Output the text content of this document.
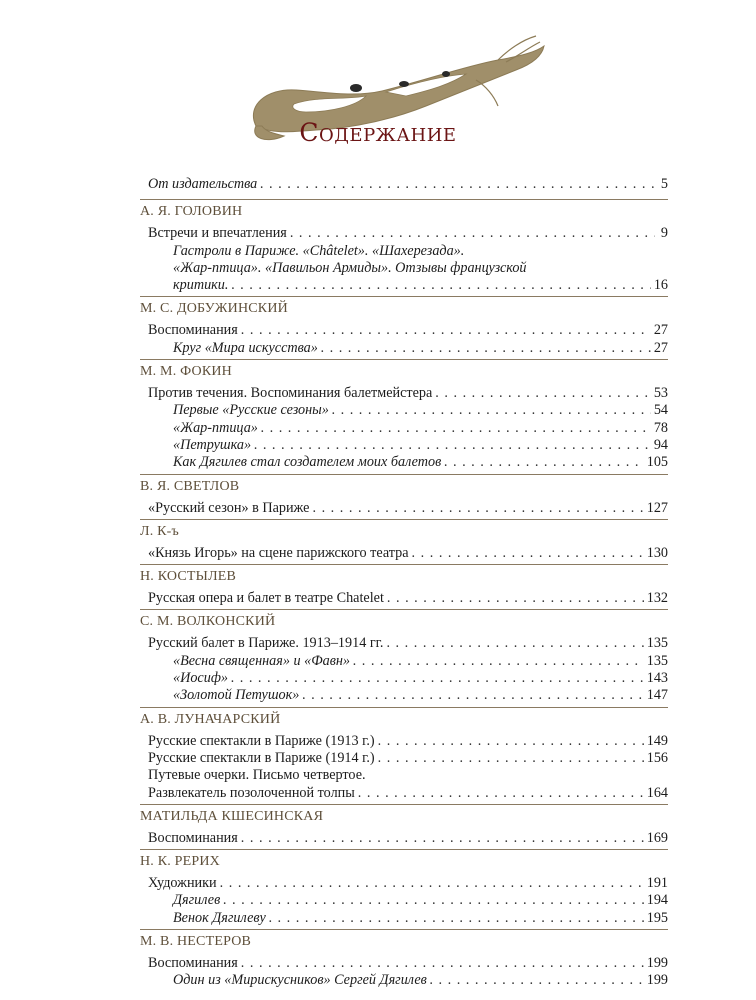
Содержание
От издательства . . .	5
А. Я. ГОЛОВИН
Встречи и впечатления . . .	9
Гастроли в Париже. «Châtelet». «Шахерезада».
«Жар-птица». «Павильон Армиды». Отзывы французской
критики. . . .	16
М. С. ДОБУЖИНСКИЙ
Воспоминания . . .	27
Круг «Мира искусства» . . .	27
М. М. ФОКИН
Против течения. Воспоминания балетмейстера . . .	53
Первые «Русские сезоны» . . .	54
«Жар-птица» . . .	78
«Петрушка» . . .	94
Как Дягилев стал создателем моих балетов . . .	105
В. Я. СВЕТЛОВ
«Русский сезон» в Париже . . .	127
Л. К-ъ
«Князь Игорь» на сцене парижского театра . . .	130
Н. КОСТЫЛЕВ
Русская опера и балет в театре Chatelet . . .	132
С. М. ВОЛКОНСКИЙ
Русский балет в Париже. 1913–1914 гг. . . .	135
«Весна священная» и «Фавн» . . .	135
«Иосиф» . . .	143
«Золотой Петушок» . . .	147
А. В. ЛУНАЧАРСКИЙ
Русские спектакли в Париже (1913 г.) . . .	149
Русские спектакли в Париже (1914 г.) . . .	156
Путевые очерки. Письмо четвертое.
Развлекатель позолоченной толпы . . .	164
МАТИЛЬДА КШЕСИНСКАЯ
Воспоминания . . .	169
Н. К. РЕРИХ
Художники . . .	191
Дягилев . . .	194
Венок Дягилеву . . .	195
М. В. НЕСТЕРОВ
Воспоминания . . .	199
Один из «Мирискусников» Сергей Дягилев . . .	199
